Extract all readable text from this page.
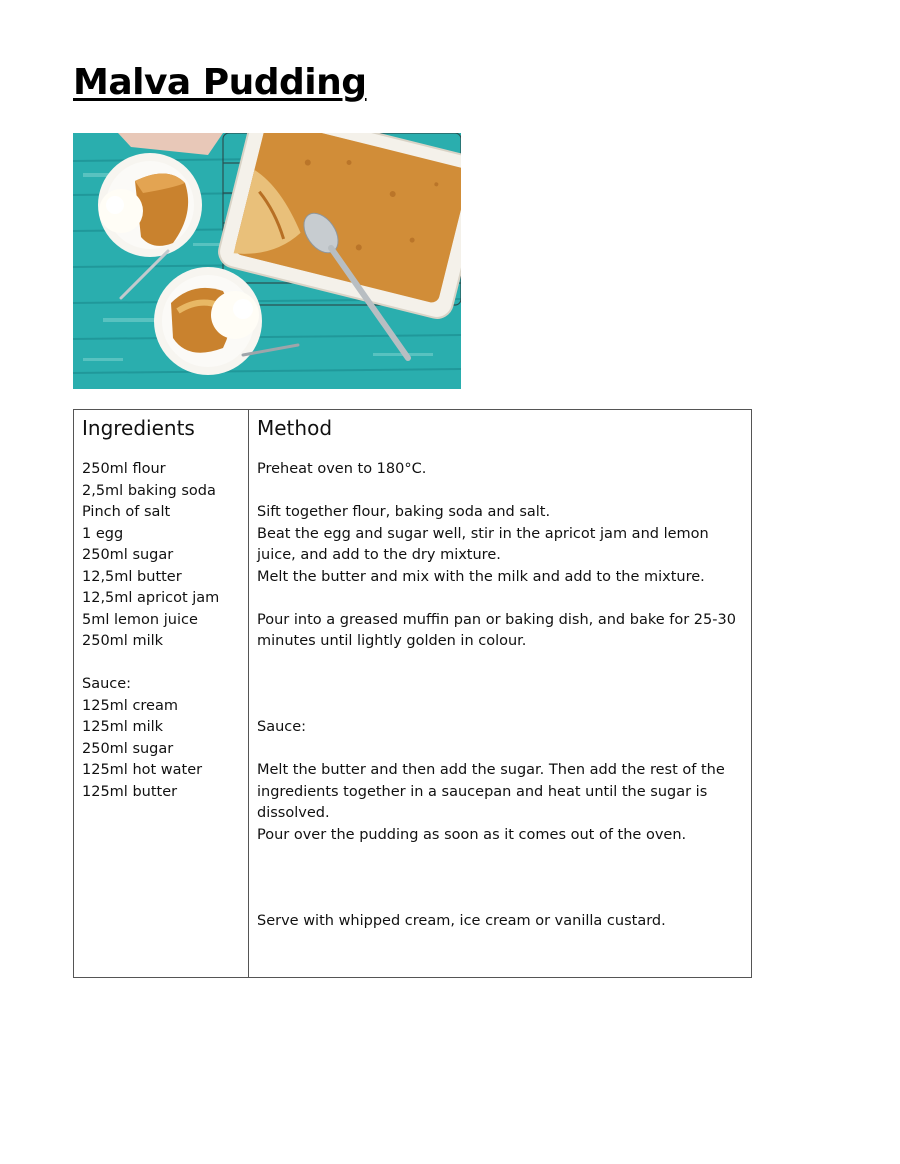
Malva Pudding
Ingredients
250ml flour
2,5ml baking soda
Pinch of salt
1 egg
250ml sugar
12,5ml butter
12,5ml apricot jam
5ml lemon juice
250ml milk
Sauce:
125ml cream
125ml milk
250ml sugar
125ml hot water
125ml butter
Method
Preheat oven to 180°C.
Sift together flour, baking soda and salt.
Beat the egg and sugar well, stir in the apricot jam and lemon juice, and add to the dry mixture.
Melt the butter and mix with the milk and add to the mixture.
Pour into a greased muffin pan or baking dish, and bake for 25-30 minutes until lightly golden in colour.
Sauce:
Melt the butter and then add the sugar. Then add the rest of the ingredients together in a saucepan and heat until the sugar is dissolved.
Pour over the pudding as soon as it comes out of the oven.
Serve with whipped cream, ice cream or vanilla custard.
